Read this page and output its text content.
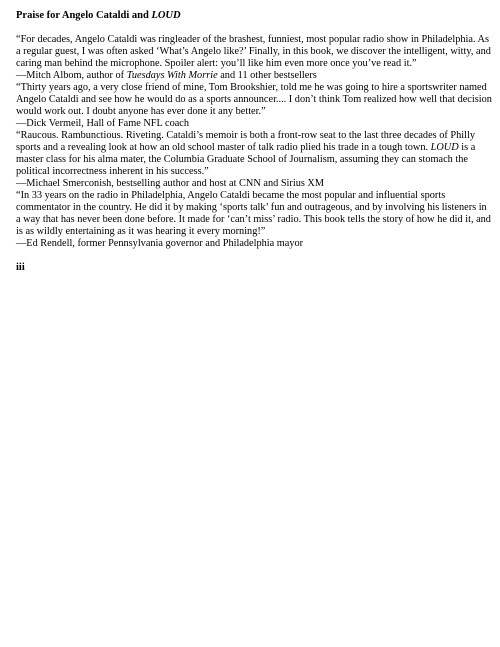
Praise for Angelo Cataldi and LOUD

“For decades, Angelo Cataldi was ringleader of the brashest, funniest, most popular radio show in Philadelphia. As a regular guest, I was often asked ‘What’s Angelo like?’ Finally, in this book, we discover the intelligent, witty, and caring man behind the microphone. Spoiler alert: you’ll like him even more once you’ve read it.”

—Mitch Albom, author of Tuesdays With Morrie and 11 other bestsellers

“Thirty years ago, a very close friend of mine, Tom Brookshier, told me he was going to hire a sportswriter named Angelo Cataldi and see how he would do as a sports announcer.... I don’t think Tom realized how well that decision would work out. I doubt anyone has ever done it any better.”

—Dick Vermeil, Hall of Fame NFL coach

“Raucous. Rambunctious. Riveting. Cataldi’s memoir is both a front-row seat to the last three decades of Philly sports and a revealing look at how an old school master of talk radio plied his trade in a tough town. LOUD is a master class for his alma mater, the Columbia Graduate School of Journalism, assuming they can stomach the political incorrectness inherent in his success.”

—Michael Smerconish, bestselling author and host at CNN and Sirius XM

“In 33 years on the radio in Philadelphia, Angelo Cataldi became the most popular and influential sports commentator in the country. He did it by making ‘sports talk’ fun and outrageous, and by involving his listeners in a way that has never been done before. It made for ‘can’t miss’ radio. This book tells the story of how he did it, and is as wildly entertaining as it was hearing it every morning!”

—Ed Rendell, former Pennsylvania governor and Philadelphia mayor

iii
